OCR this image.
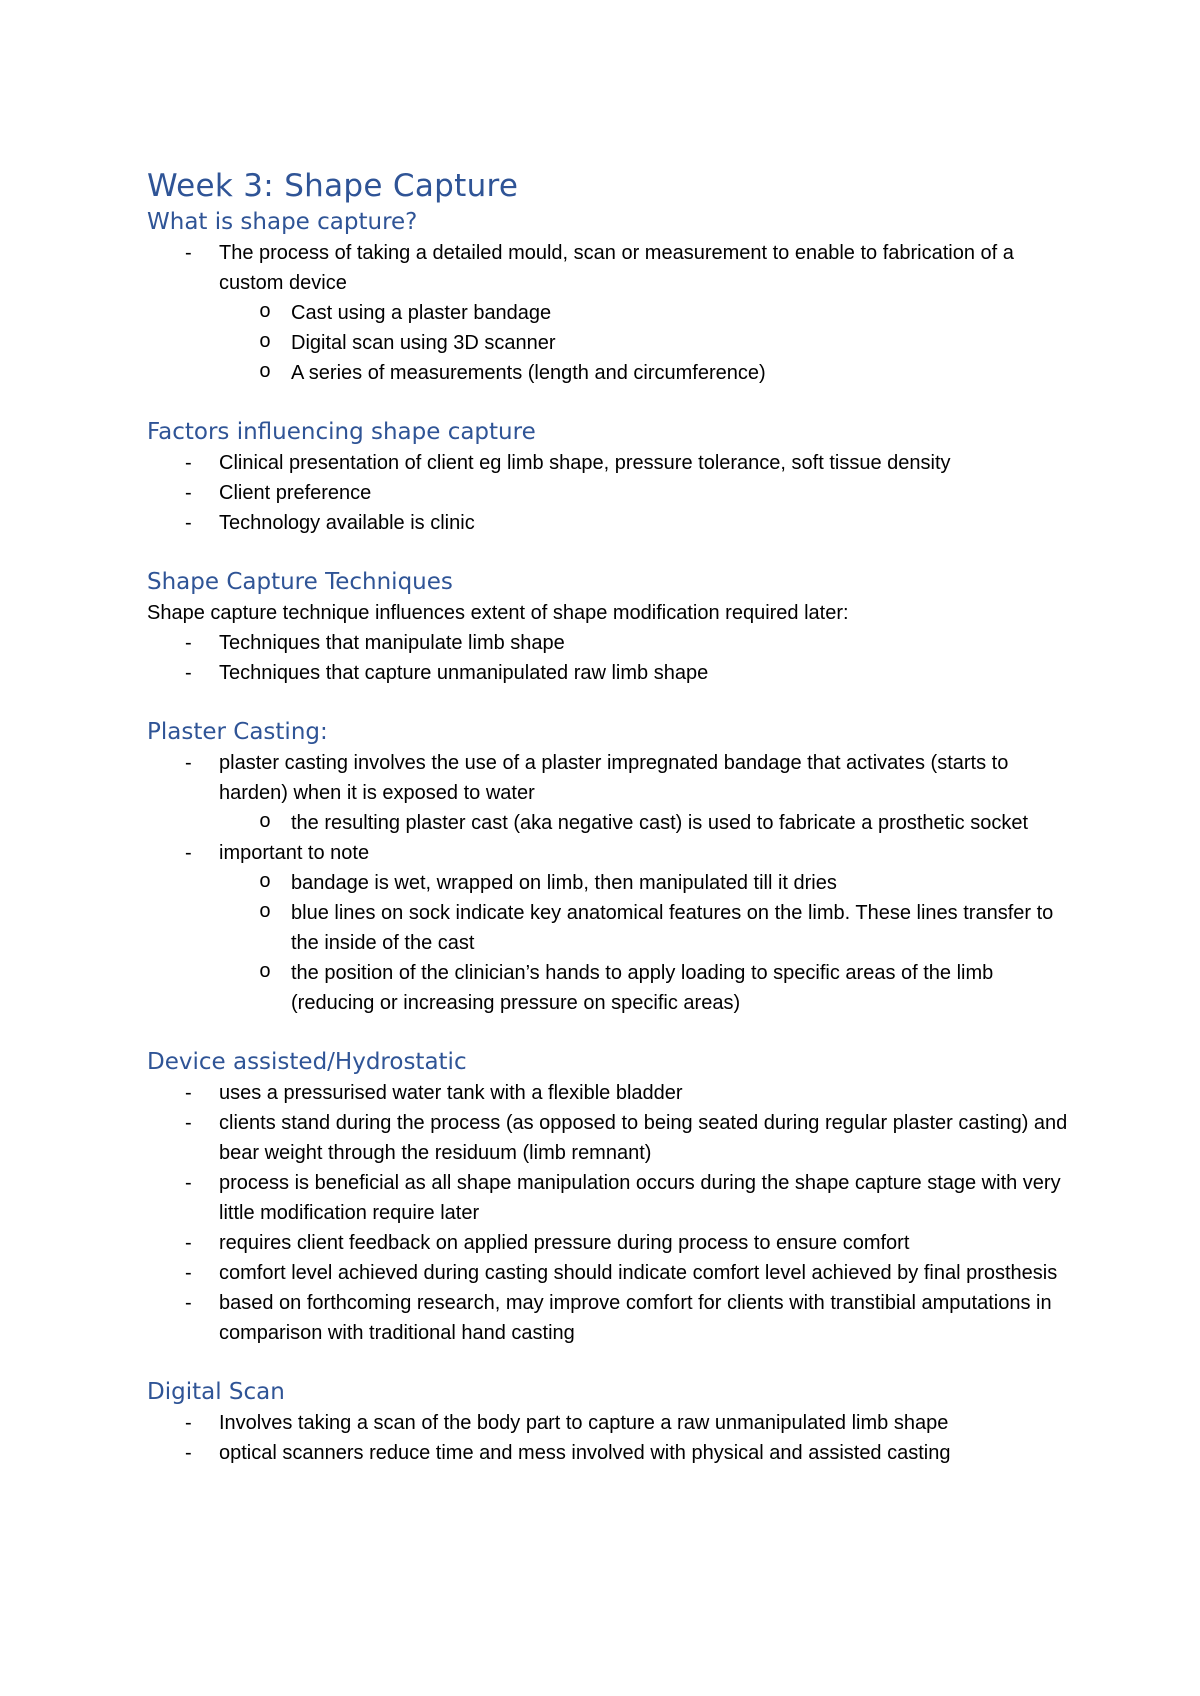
Week 3: Shape Capture
What is shape capture?
- The process of taking a detailed mould, scan or measurement to enable to fabrication of a custom device
o Cast using a plaster bandage
o Digital scan using 3D scanner
o A series of measurements (length and circumference)
Factors influencing shape capture
- Clinical presentation of client eg limb shape, pressure tolerance, soft tissue density
- Client preference
- Technology available is clinic
Shape Capture Techniques
Shape capture technique influences extent of shape modification required later:
- Techniques that manipulate limb shape
- Techniques that capture unmanipulated raw limb shape
Plaster Casting:
- plaster casting involves the use of a plaster impregnated bandage that activates (starts to harden) when it is exposed to water
o the resulting plaster cast (aka negative cast) is used to fabricate a prosthetic socket
- important to note
o bandage is wet, wrapped on limb, then manipulated till it dries
o blue lines on sock indicate key anatomical features on the limb. These lines transfer to the inside of the cast
o the position of the clinician’s hands to apply loading to specific areas of the limb (reducing or increasing pressure on specific areas)
Device assisted/Hydrostatic
- uses a pressurised water tank with a flexible bladder
- clients stand during the process (as opposed to being seated during regular plaster casting) and bear weight through the residuum (limb remnant)
- process is beneficial as all shape manipulation occurs during the shape capture stage with very little modification require later
- requires client feedback on applied pressure during process to ensure comfort
- comfort level achieved during casting should indicate comfort level achieved by final prosthesis
- based on forthcoming research, may improve comfort for clients with transtibial amputations in comparison with traditional hand casting
Digital Scan
- Involves taking a scan of the body part to capture a raw unmanipulated limb shape
- optical scanners reduce time and mess involved with physical and assisted casting
